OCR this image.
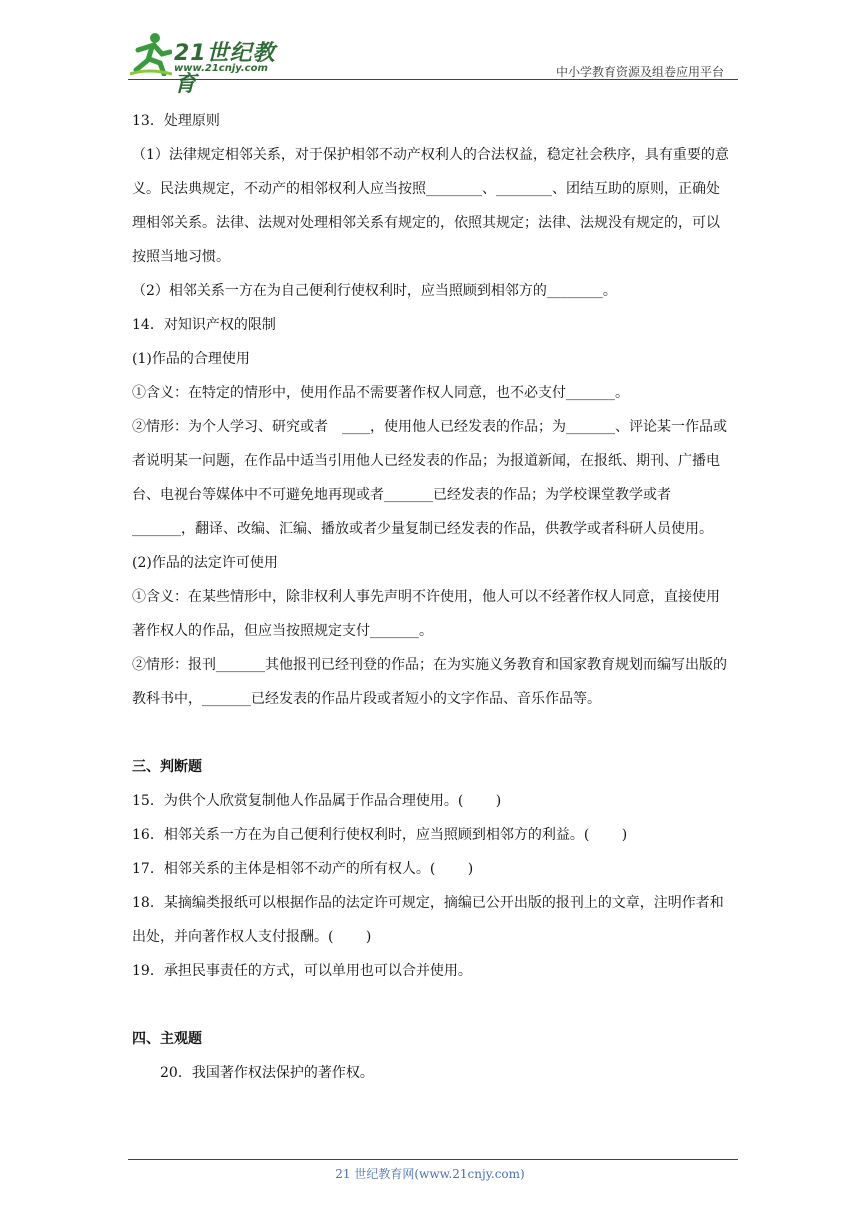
21世纪教育
www.21cnjy.com	中小学教育资源及组卷应用平台
13．处理原则
（1）法律规定相邻关系，对于保护相邻不动产权利人的合法权益，稳定社会秩序，具有重要的意义。民法典规定，不动产的相邻权利人应当按照________、________、团结互助的原则，正确处理相邻关系。法律、法规对处理相邻关系有规定的，依照其规定；法律、法规没有规定的，可以按照当地习惯。
（2）相邻关系一方在为自己便利行使权利时，应当照顾到相邻方的________。
14．对知识产权的限制
(1)作品的合理使用
①含义：在特定的情形中，使用作品不需要著作权人同意，也不必支付_______。
②情形：为个人学习、研究或者　____，使用他人已经发表的作品；为_______、评论某一作品或者说明某一问题，在作品中适当引用他人已经发表的作品；为报道新闻，在报纸、期刊、广播电台、电视台等媒体中不可避免地再现或者_______已经发表的作品；为学校课堂教学或者_______，翻译、改编、汇编、播放或者少量复制已经发表的作品，供教学或者科研人员使用。
(2)作品的法定许可使用
①含义：在某些情形中，除非权利人事先声明不许使用，他人可以不经著作权人同意，直接使用著作权人的作品，但应当按照规定支付_______。
②情形：报刊_______其他报刊已经刊登的作品；在为实施义务教育和国家教育规划而编写出版的教科书中，_______已经发表的作品片段或者短小的文字作品、音乐作品等。
三、判断题
15．为供个人欣赏复制他人作品属于作品合理使用。(　　 )
16．相邻关系一方在为自己便利行使权利时，应当照顾到相邻方的利益。(　　 )
17．相邻关系的主体是相邻不动产的所有权人。(　　 )
18．某摘编类报纸可以根据作品的法定许可规定，摘编已公开出版的报刊上的文章，注明作者和出处，并向著作权人支付报酬。(　　 )
19．承担民事责任的方式，可以单用也可以合并使用。
四、主观题
20．我国著作权法保护的著作权。
21 世纪教育网(www.21cnjy.com)
